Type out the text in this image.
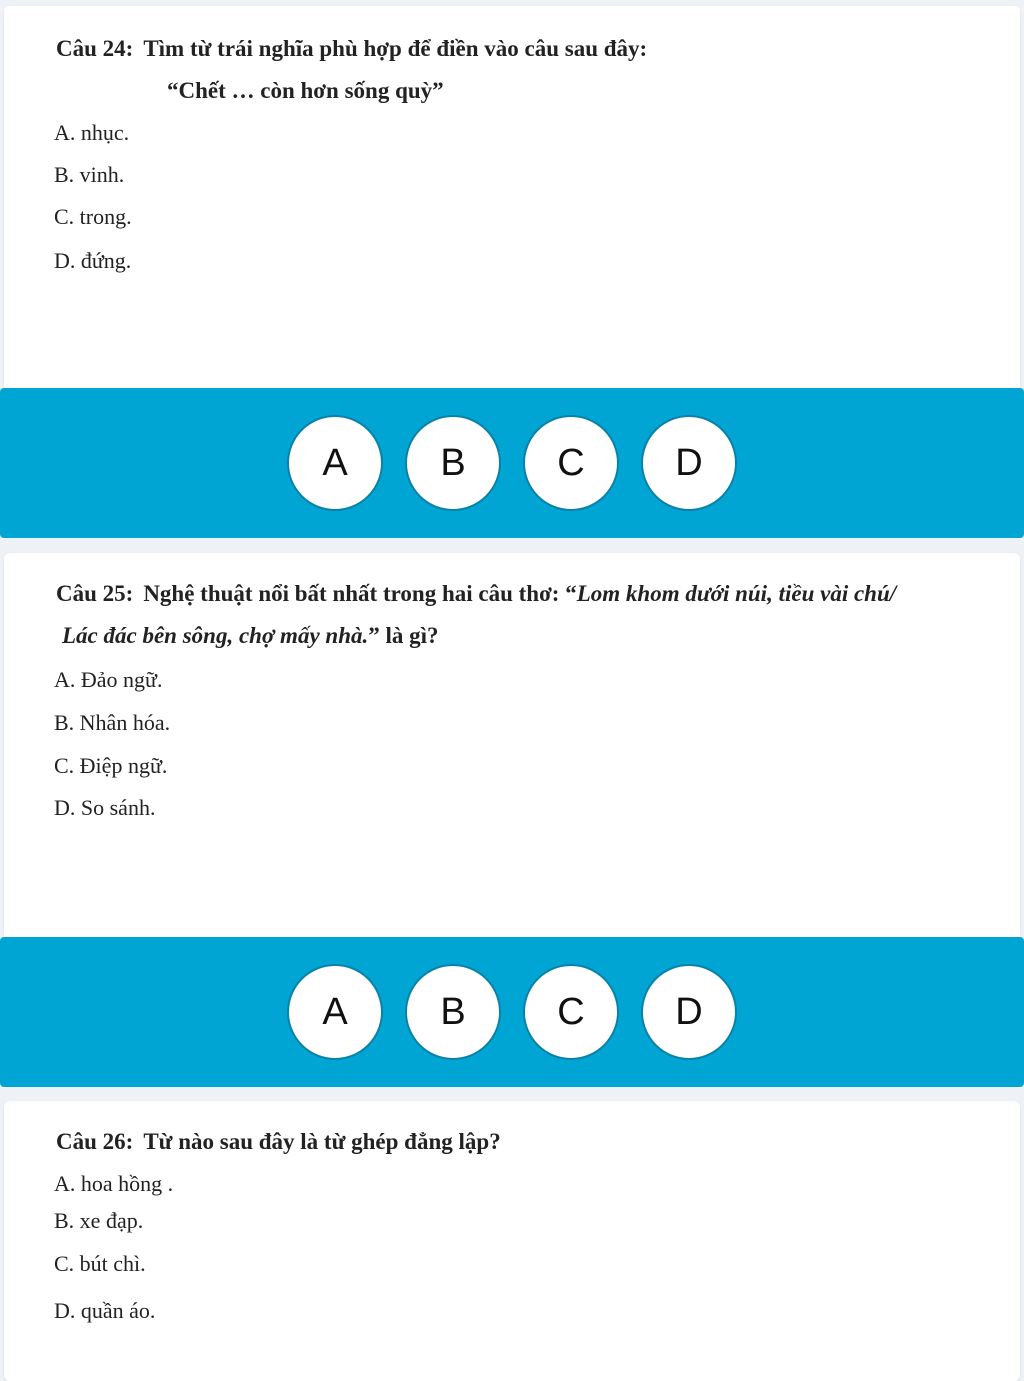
Câu 24: Tìm từ trái nghĩa phù hợp để điền vào câu sau đây:
“Chết … còn hơn sống quỳ”
A. nhục.
B. vinh.
C. trong.
D. đứng.
A	B	C	D
Câu 25: Nghệ thuật nổi bất nhất trong hai câu thơ: “Lom khom dưới núi, tiều vài chú/
Lác đác bên sông, chợ mấy nhà.” là gì?
A. Đảo ngữ.
B. Nhân hóa.
C. Điệp ngữ.
D. So sánh.
A	B	C	D
Câu 26: Từ nào sau đây là từ ghép đẳng lập?
A. hoa hồng .
B. xe đạp.
C. bút chì.
D. quần áo.
